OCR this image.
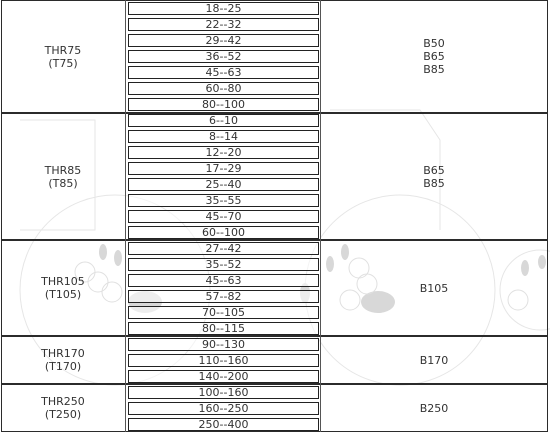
THR75
(T75)
18--25
22--32
29--42
36--52
45--63
60--80
80--100
B50
B65
B85
THR85
(T85)
6--10
8--14
12--20
17--29
25--40
35--55
45--70
60--100
B65
B85
THR105
(T105)
27--42
35--52
45--63
57--82
70--105
80--115
B105
THR170
(T170)
90--130
110--160
140--200
B170
THR250
(T250)
100--160
160--250
250--400
B250
